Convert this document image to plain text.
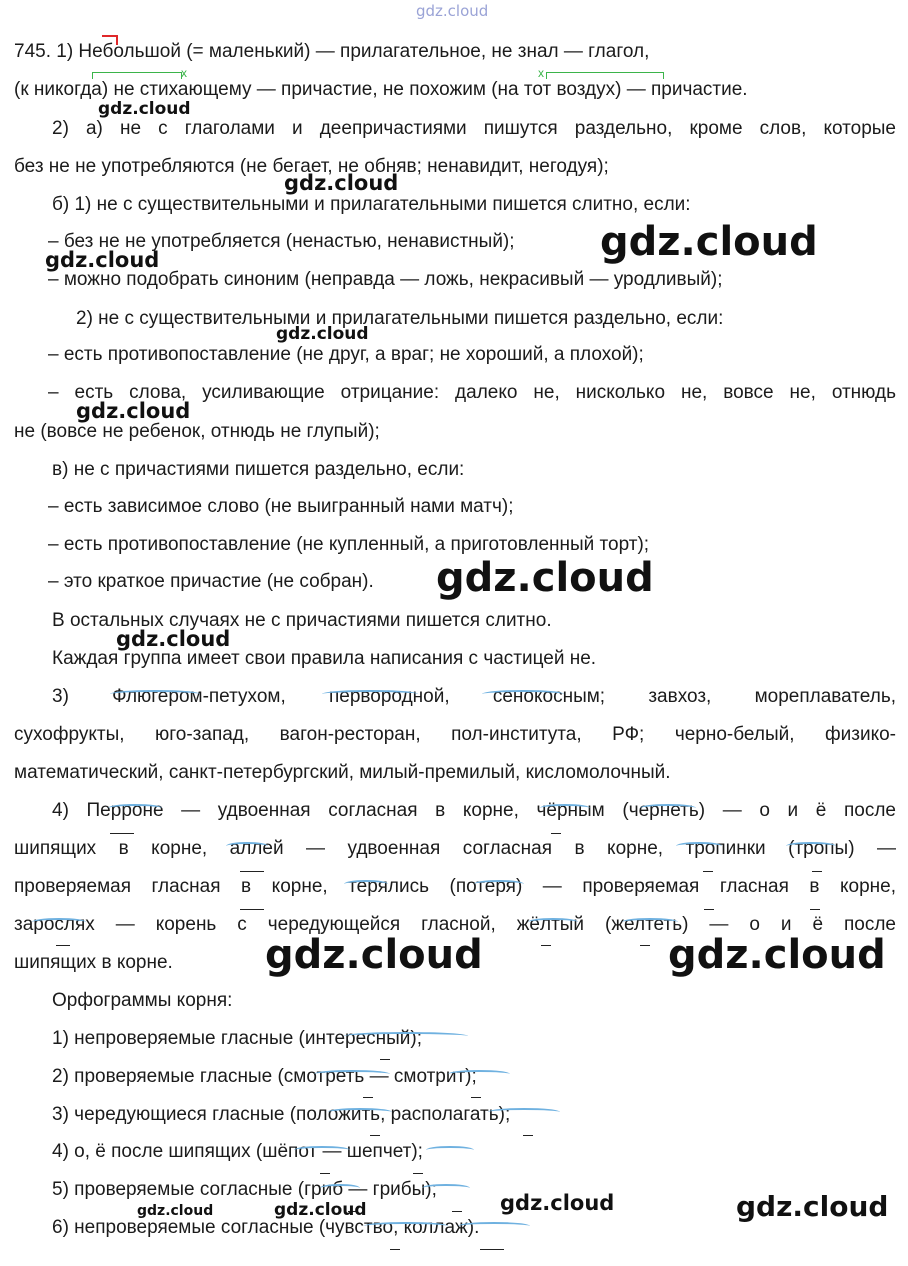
gdz.cloud
745. 1) Небольшой (= маленький) — прилагательное, не знал — глагол,
(к никогда) не стихающему — причастие, не похожим (на тот воздух) — причастие.
2) а) не с глаголами и деепричастиями пишутся раздельно, кроме слов, которые
без не не употребляются (не бегает, не обняв; ненавидит, негодуя);
б) 1) не с существительными и прилагательными пишется слитно, если:
– без не не употребляется (ненастью, ненавистный);
– можно подобрать синоним (неправда — ложь, некрасивый — уродливый);
2) не с существительными и прилагательными пишется раздельно, если:
– есть противопоставление (не друг, а враг; не хороший, а плохой);
– есть слова, усиливающие отрицание: далеко не, нисколько не, вовсе не, отнюдь
не (вовсе не ребенок, отнюдь не глупый);
в) не с причастиями пишется раздельно, если:
– есть зависимое слово (не выигранный нами матч);
– есть противопоставление (не купленный, а приготовленный торт);
– это краткое причастие (не собран).
В остальных случаях не с причастиями пишется слитно.
Каждая группа имеет свои правила написания с частицей не.
3) Флюгером-петухом, первородной, сенокосным; завхоз, мореплаватель,
сухофрукты, юго-запад, вагон-ресторан, пол-института, РФ; черно-белый, физико-
математический, санкт-петербургский, милый-премилый, кисломолочный.
4) Перроне — удвоенная согласная в корне, чёрным (чернеть) — о и ё после
шипящих в корне, аллей — удвоенная согласная в корне, тропинки (тропы) —
проверяемая гласная в корне, терялись (потеря) — проверяемая гласная в корне,
зарослях — корень с чередующейся гласной, жёлтый (желтеть) — о и ё после
шипящих в корне.
Орфограммы корня:
1) непроверяемые гласные (интересный);
2) проверяемые гласные (смотреть — смотрит);
3) чередующиеся гласные (положить, располагать);
4) о, ё после шипящих (шёпот — шепчет);
5) проверяемые согласные (гриб — грибы);
6) непроверяемые согласные (чувство, коллаж).
x	x
gdz.cloud
gdz.cloud
gdz.cloud
gdz.cloud
gdz.cloud
gdz.cloud
gdz.cloud
gdz.cloud
gdz.cloud	gdz.cloud
gdz.cloud
gdz.cloud	gdz.cloud	gdz.cloud
